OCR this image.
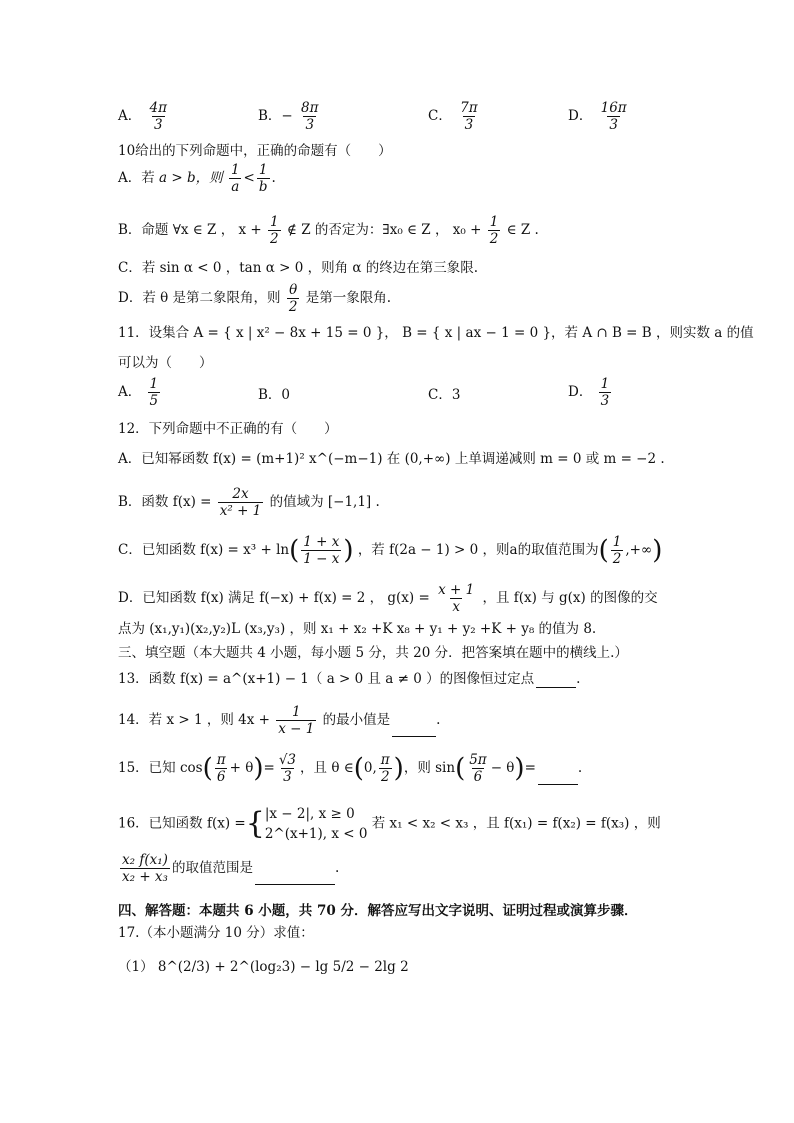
A． $\frac{4\pi}{3}$	B．− $\frac{8\pi}{3}$	C． $\frac{7\pi}{3}$	D． $\frac{16\pi}{3}$
10给出的下列命题中，正确的命题有（　　）
A．若 a > b，则 $\frac{1}{a} < \frac{1}{b}$ .
B．命题 ∀x ∈ Z ， $x + \frac{1}{2}$ ∉ Z 的否定为：∃x₀ ∈ Z ， $x_0 + \frac{1}{2}$ ∈ Z .
C．若 sin α < 0 ，tan α > 0 ，则角 α 的终边在第三象限.
D．若 θ 是第二象限角，则 $\frac{\theta}{2}$ 是第一象限角.
11．设集合 A = { x | x² − 8x + 15 = 0 }， B = { x | ax − 1 = 0 }，若 A ∩ B = B ，则实数 a 的值
可以为（　　）
A． $\frac{1}{5}$	B．0	C．3	D． $\frac{1}{3}$
12．下列命题中不正确的有（　　）
A．已知幂函数 f(x) = (m+1)² x^(−m−1) 在 (0,+∞) 上单调递减则 m = 0 或 m = −2 .
B．函数 $f(x) = \frac{2x}{\text{x² + 1}}$ 的值域为 [−1,1] .
C．已知函数 $f(x) = x^3 + \ln( \frac{1 + x}{1 - x}$ ) ，若 f(2a − 1) > 0 ，则a的取值范围为( $\frac{1}{2}$ ,+∞)
D．已知函数 f(x) 满足 f(−x) + f(x) = 2 ， $g(x) = \frac{x + 1}{x}$ ，且 f(x) 与 g(x) 的图像的交
点为 (x₁,y₁)(x₂,y₂)L (x₃,y₃) ，则 x₁ + x₂ +K x₈ + y₁ + y₂ +K + y₈ 的值为 8.
三、填空题（本大题共 4 小题，每小题 5 分，共 20 分．把答案填在题中的横线上.）
13．函数 f(x) = a^(x+1) − 1（ a > 0 且 a ≠ 0 ）的图像恒过定点	.
14．若 x > 1 ，则 $4x + \frac{1}{x - 1}$ 的最小值是	.
15．已知 $\cos( \frac{\pi}{6} + \theta)= \frac{√3}{3}$ ，且 θ ∈(0, $\frac{\pi}{2}$ )，则 $\sin( \frac{5\pi}{6} - \theta)=$	.
16．已知函数 f(x) ={ |x − 2|, x ≥ 0
2^(x+1), x < 0
若 x₁ < x₂ < x₃ ，且 f(x₁) = f(x₂) = f(x₃) ，则
$\frac{\text{x₂ f(x₁)}}{\text{x₂ + x₃}}$ 的取值范围是	.
四、解答题：本题共 6 小题，共 70 分．解答应写出文字说明、证明过程或演算步骤．
17.（本小题满分 10 分）求值：
（1） 8^(2/3) + 2^(log₂3) − lg 5/2 − 2lg 2
